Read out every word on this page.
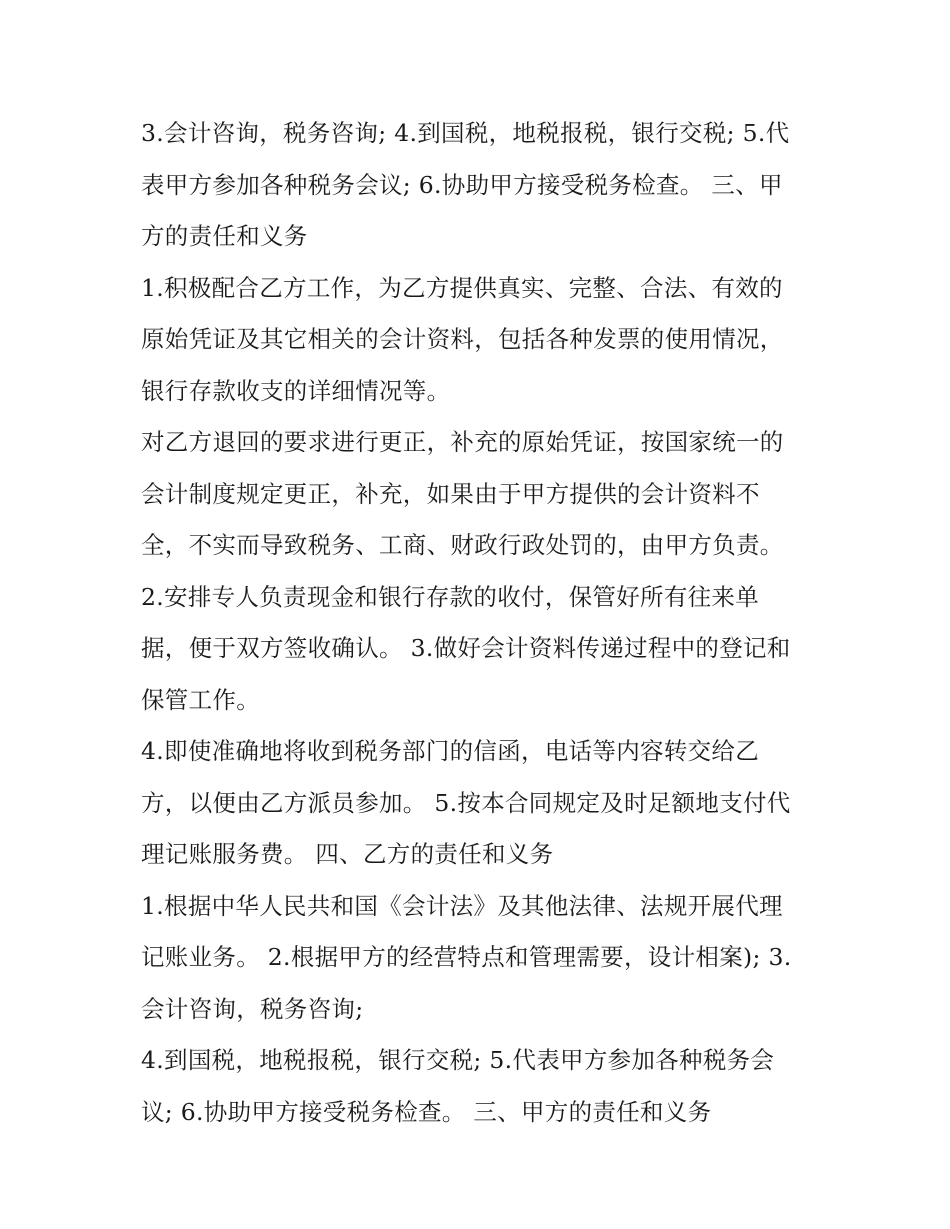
3.会计咨询，税务咨询; 4.到国税，地税报税，银行交税; 5.代
表甲方参加各种税务会议; 6.协助甲方接受税务检查。 三、甲
方的责任和义务
1.积极配合乙方工作，为乙方提供真实、完整、合法、有效的
原始凭证及其它相关的会计资料，包括各种发票的使用情况，
银行存款收支的详细情况等。
对乙方退回的要求进行更正，补充的原始凭证，按国家统一的
会计制度规定更正，补充，如果由于甲方提供的会计资料不
全，不实而导致税务、工商、财政行政处罚的，由甲方负责。
2.安排专人负责现金和银行存款的收付，保管好所有往来单
据，便于双方签收确认。 3.做好会计资料传递过程中的登记和
保管工作。
4.即使准确地将收到税务部门的信函，电话等内容转交给乙
方，以便由乙方派员参加。 5.按本合同规定及时足额地支付代
理记账服务费。 四、乙方的责任和义务
1.根据中华人民共和国《会计法》及其他法律、法规开展代理
记账业务。 2.根据甲方的经营特点和管理需要，设计相案); 3.
会计咨询，税务咨询;
4.到国税，地税报税，银行交税; 5.代表甲方参加各种税务会
议; 6.协助甲方接受税务检查。 三、甲方的责任和义务
